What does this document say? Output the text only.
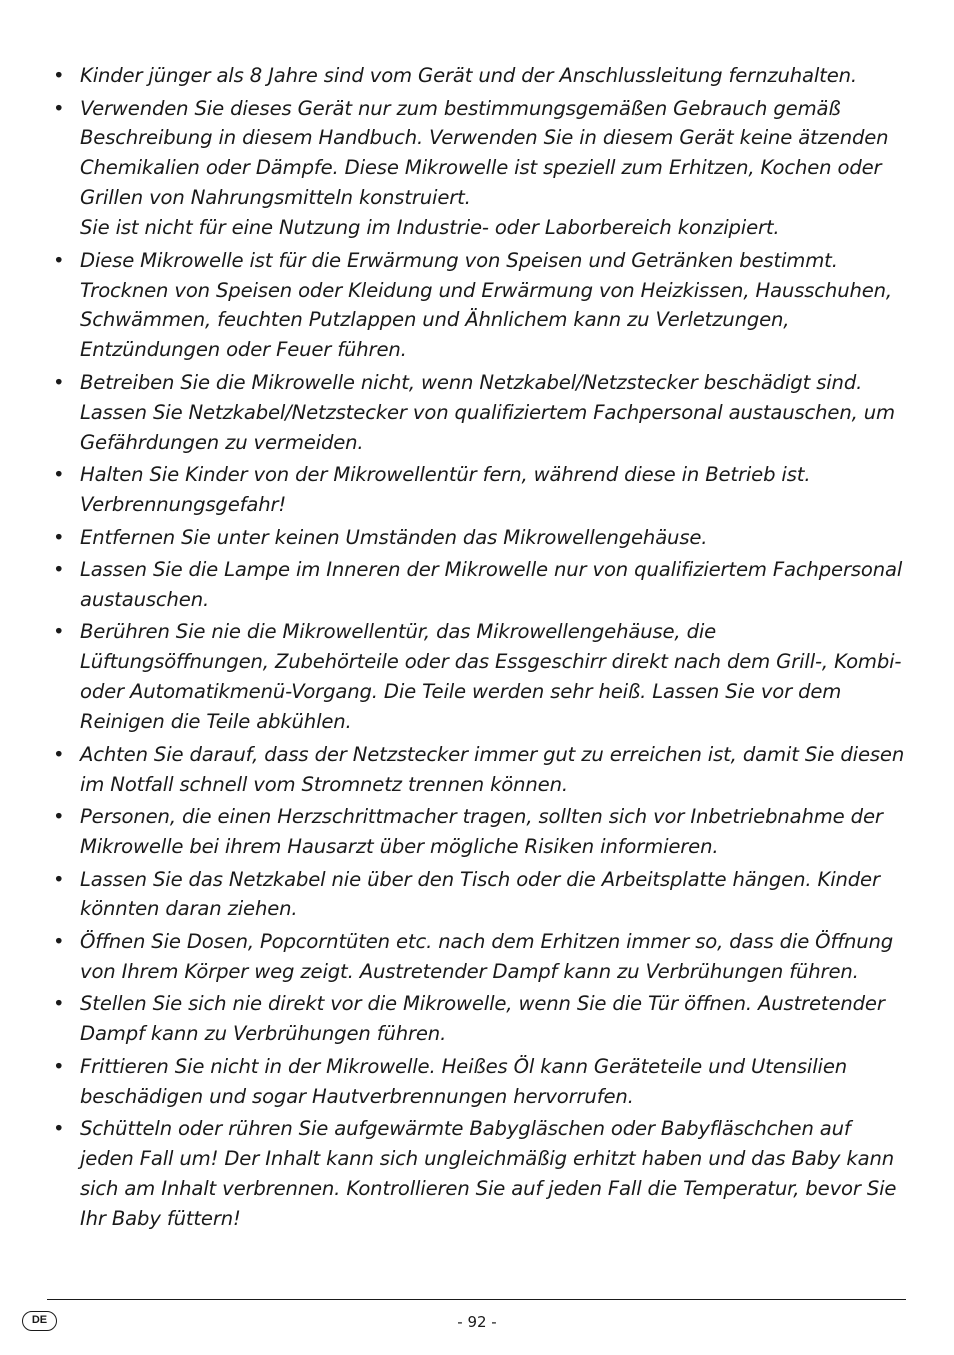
• Kinder jünger als 8 Jahre sind vom Gerät und der Anschlussleitung fernzuhalten.

• Verwenden Sie dieses Gerät nur zum bestimmungsgemäßen Gebrauch gemäß Beschreibung in diesem Handbuch. Verwenden Sie in diesem Gerät keine ätzenden Chemikalien oder Dämpfe. Diese Mikrowelle ist speziell zum Erhitzen, Kochen oder Grillen von Nahrungsmitteln konstruiert.

Sie ist nicht für eine Nutzung im Industrie- oder Laborbereich konzipiert.

• Diese Mikrowelle ist für die Erwärmung von Speisen und Getränken bestimmt. Trocknen von Speisen oder Kleidung und Erwärmung von Heizkissen, Hausschuhen, Schwämmen, feuchten Putzlappen und Ähnlichem kann zu Verletzungen, Entzündungen oder Feuer führen.

• Betreiben Sie die Mikrowelle nicht, wenn Netzkabel/Netzstecker beschädigt sind. Lassen Sie Netzkabel/Netzstecker von qualifiziertem Fachpersonal austauschen, um Gefährdungen zu vermeiden.

• Halten Sie Kinder von der Mikrowellentür fern, während diese in Betrieb ist. Verbrennungsgefahr!

• Entfernen Sie unter keinen Umständen das Mikrowellengehäuse.

• Lassen Sie die Lampe im Inneren der Mikrowelle nur von qualifiziertem Fachpersonal austauschen.

• Berühren Sie nie die Mikrowellentür, das Mikrowellengehäuse, die Lüftungsöffnungen, Zubehörteile oder das Essgeschirr direkt nach dem Grill-, Kombi- oder Automatikmenü-Vorgang. Die Teile werden sehr heiß. Lassen Sie vor dem Reinigen die Teile abkühlen.

• Achten Sie darauf, dass der Netzstecker immer gut zu erreichen ist, damit Sie diesen im Notfall schnell vom Stromnetz trennen können.

• Personen, die einen Herzschrittmacher tragen, sollten sich vor Inbetriebnahme der Mikrowelle bei ihrem Hausarzt über mögliche Risiken informieren.

• Lassen Sie das Netzkabel nie über den Tisch oder die Arbeitsplatte hängen. Kinder könnten daran ziehen.

• Öffnen Sie Dosen, Popcorntüten etc. nach dem Erhitzen immer so, dass die Öffnung von Ihrem Körper weg zeigt. Austretender Dampf kann zu Verbrühungen führen.

• Stellen Sie sich nie direkt vor die Mikrowelle, wenn Sie die Tür öffnen. Austretender Dampf kann zu Verbrühungen führen.

• Frittieren Sie nicht in der Mikrowelle. Heißes Öl kann Geräteteile und Utensilien beschädigen und sogar Hautverbrennungen hervorrufen.

• Schütteln oder rühren Sie aufgewärmte Babygläschen oder Babyfläschchen auf jeden Fall um! Der Inhalt kann sich ungleichmäßig erhitzt haben und das Baby kann sich am Inhalt verbrennen. Kontrollieren Sie auf jeden Fall die Temperatur, bevor Sie Ihr Baby füttern!

DE	- 92 -
